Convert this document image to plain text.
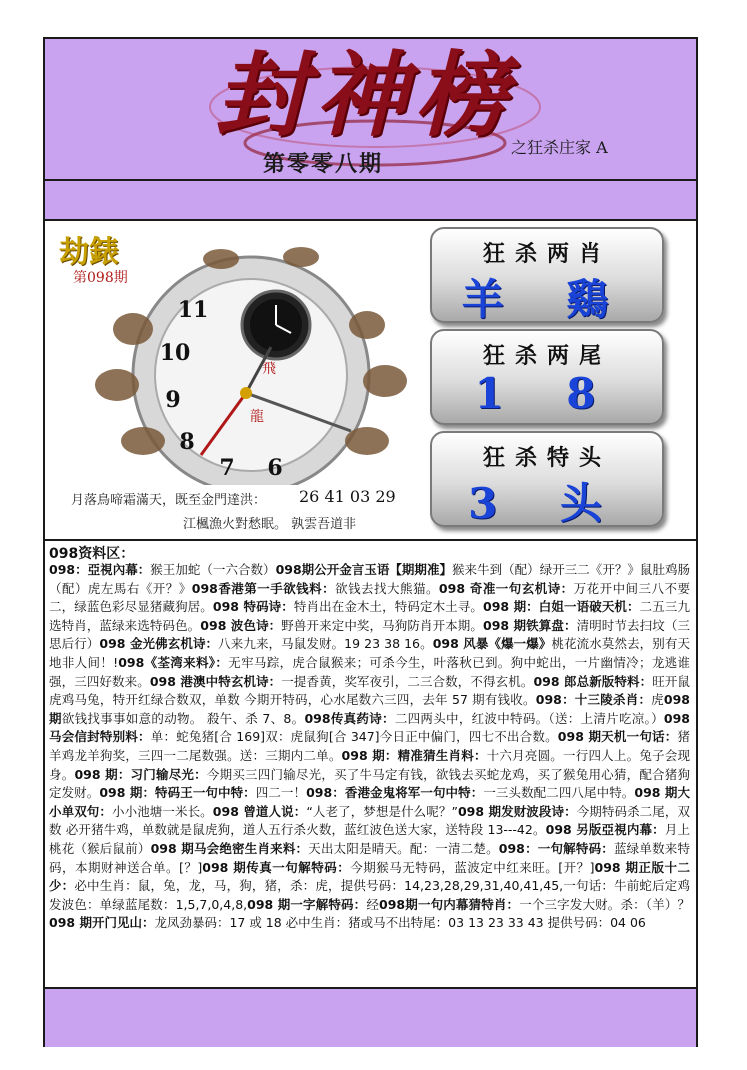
封神榜
第零零八期
之狂杀庄家 A
劫錶
第098期
11
10
9
8
7 6
飛
龍
月落鳥啼霜滿天，既至金門達洪： 26 41 03 29
江楓漁火對愁眠。 孰雲吾道非
狂杀两肖
羊 鷄
狂杀两尾
1 8
狂杀特头
3 头
098资料区：
098：亞視內幕：猴王加蛇（一六合数）098期公开金言玉语【期期准】猴来牛到（配）绿开三二《开？》鼠肚鸡肠（配）虎左馬右《开？》098香港第一手欲钱料：欲钱去找大熊猫。098 奇准一句玄机诗：万花开中间三八不要二，绿蓝色彩尽显猪藏狗居。098 特码诗：特肖出在金木土，特码定木土寻。098 期：白姐一语破天机：二五三九选特肖，蓝绿来选特码色。098 波色诗：野兽开来定中奖，马狗防肖开本期。098 期铁算盘：清明时节去扫坟（三思后行）098 金光佛玄机诗：八来九来，马鼠发财。19 23 38 16。098 风暴《爆一爆》桃花流水莫然去，别有天地非人间！!098《荃湾来料》：无牢马踪，虎合鼠猴来；可杀今生，叶落秋已到。狗中蛇出，一片幽情冷；龙逃谁强，三四好数来。098 港澳中特玄机诗：一提香黄，奖军夜引，二三合数，不得玄机。098 郎总新版特料：旺开鼠虎鸡马兔，特开红绿合数双，单数 今期开特码，心水尾数六三四，去年 57 期有钱收。098：十三陵杀肖：虎098期欲钱找事事如意的动物。 殺午、杀 7、8。098传真药诗：二四两头中，红波中特码。（送：上清片吃凉。）098 马会信封特别料：单：蛇兔猪[合 169]双：虎鼠狗[合 347]今日正中偏门，四七不出合数。098 期天机一句话：猪羊鸡龙羊狗奖，三四一二尾数强。送：三期内二单。098 期：精准猜生肖料：十六月亮圆。一行四人上。兔子会现身。098 期：习门输尽光：今期买三四门输尽光，买了牛马定有钱，欲钱去买蛇龙鸡，买了猴兔用心猜，配合猪狗定发财。098 期：特码王一句中特：四二一！098：香港金鬼将军一句中特：一三头数配二四八尾中特。098 期大小单双句：小小池塘一米长。098 曾道人说：“人老了，梦想是什么呢？”098 期发财波段诗：今期特码杀二尾，双数 必开猪牛鸡，单数就是鼠虎狗，道人五行杀火数，蓝红波色送大家，送特段 13---42。098 另版亞視内幕：月上桃花（猴后鼠前）098 期马会绝密生肖来料：天出太阳是晴天。配：一清二楚。098：一句解特码：蓝绿单数来特码，本期财神送合单。[？]098 期传真一句解特码：今期猴马无特码，蓝波定中红来旺。[开？]098 期正版十二少：必中生肖：鼠，兔，龙，马，狗，猪，杀：虎，提供号码：14,23,28,29,31,40,41,45,一句话：牛前蛇后定鸡发波色：单绿蓝尾数：1,5,7,0,4,8,098 期一字解特码：经098期一句内幕猜特肖：一个三字发大财。杀：（羊）？098 期开门见山：龙凤劲暴码：17 或 18 必中生肖：猪或马不出特尾：03 13 23 33 43 提供号码：04 06
